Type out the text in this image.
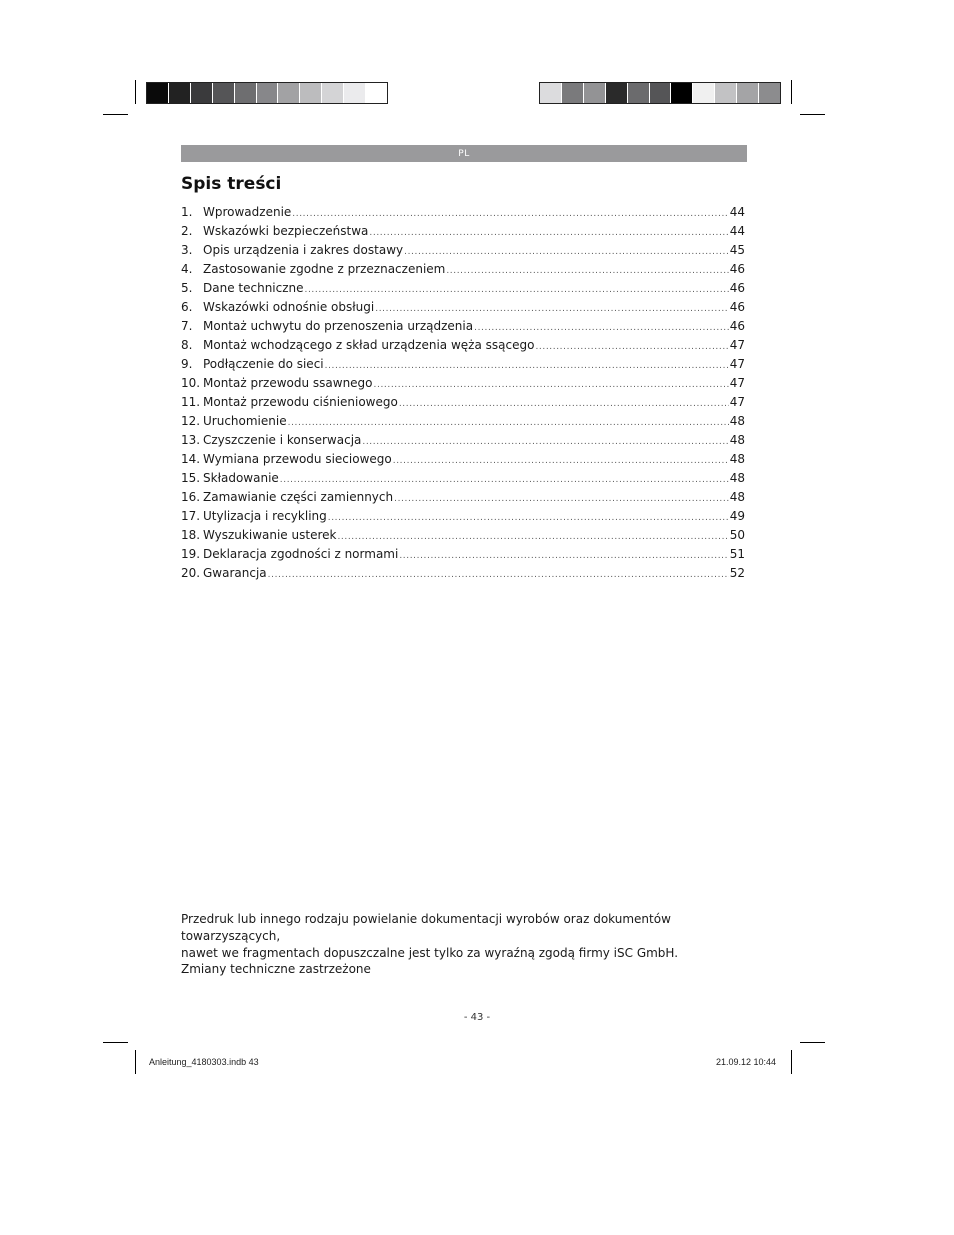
PL
Spis treści
1. Wprowadzenie .....	44
2. Wskazówki bezpieczeństwa .....	44
3. Opis urządzenia i zakres dostawy .....	45
4. Zastosowanie zgodne z przeznaczeniem .....	46
5. Dane techniczne .....	46
6. Wskazówki odnośnie obsługi .....	46
7. Montaż uchwytu do przenoszenia urządzenia .....	46
8. Montaż wchodzącego z skład urządzenia węża ssącego .....	47
9. Podłączenie do sieci .....	47
10. Montaż przewodu ssawnego .....	47
11. Montaż przewodu ciśnieniowego .....	47
12. Uruchomienie .....	48
13. Czyszczenie i konserwacja .....	48
14. Wymiana przewodu sieciowego .....	48
15. Składowanie .....	48
16. Zamawianie części zamiennych .....	48
17. Utylizacja i recykling .....	49
18. Wyszukiwanie usterek .....	50
19. Deklaracja zgodności z normami .....	51
20. Gwarancja .....	52
Przedruk lub innego rodzaju powielanie dokumentacji wyrobów oraz dokumentów towarzyszących,
nawet we fragmentach dopuszczalne jest tylko za wyraźną zgodą firmy iSC GmbH.
Zmiany techniczne zastrzeżone
- 43 -
Anleitung_4180303.indb 43	21.09.12 10:44
